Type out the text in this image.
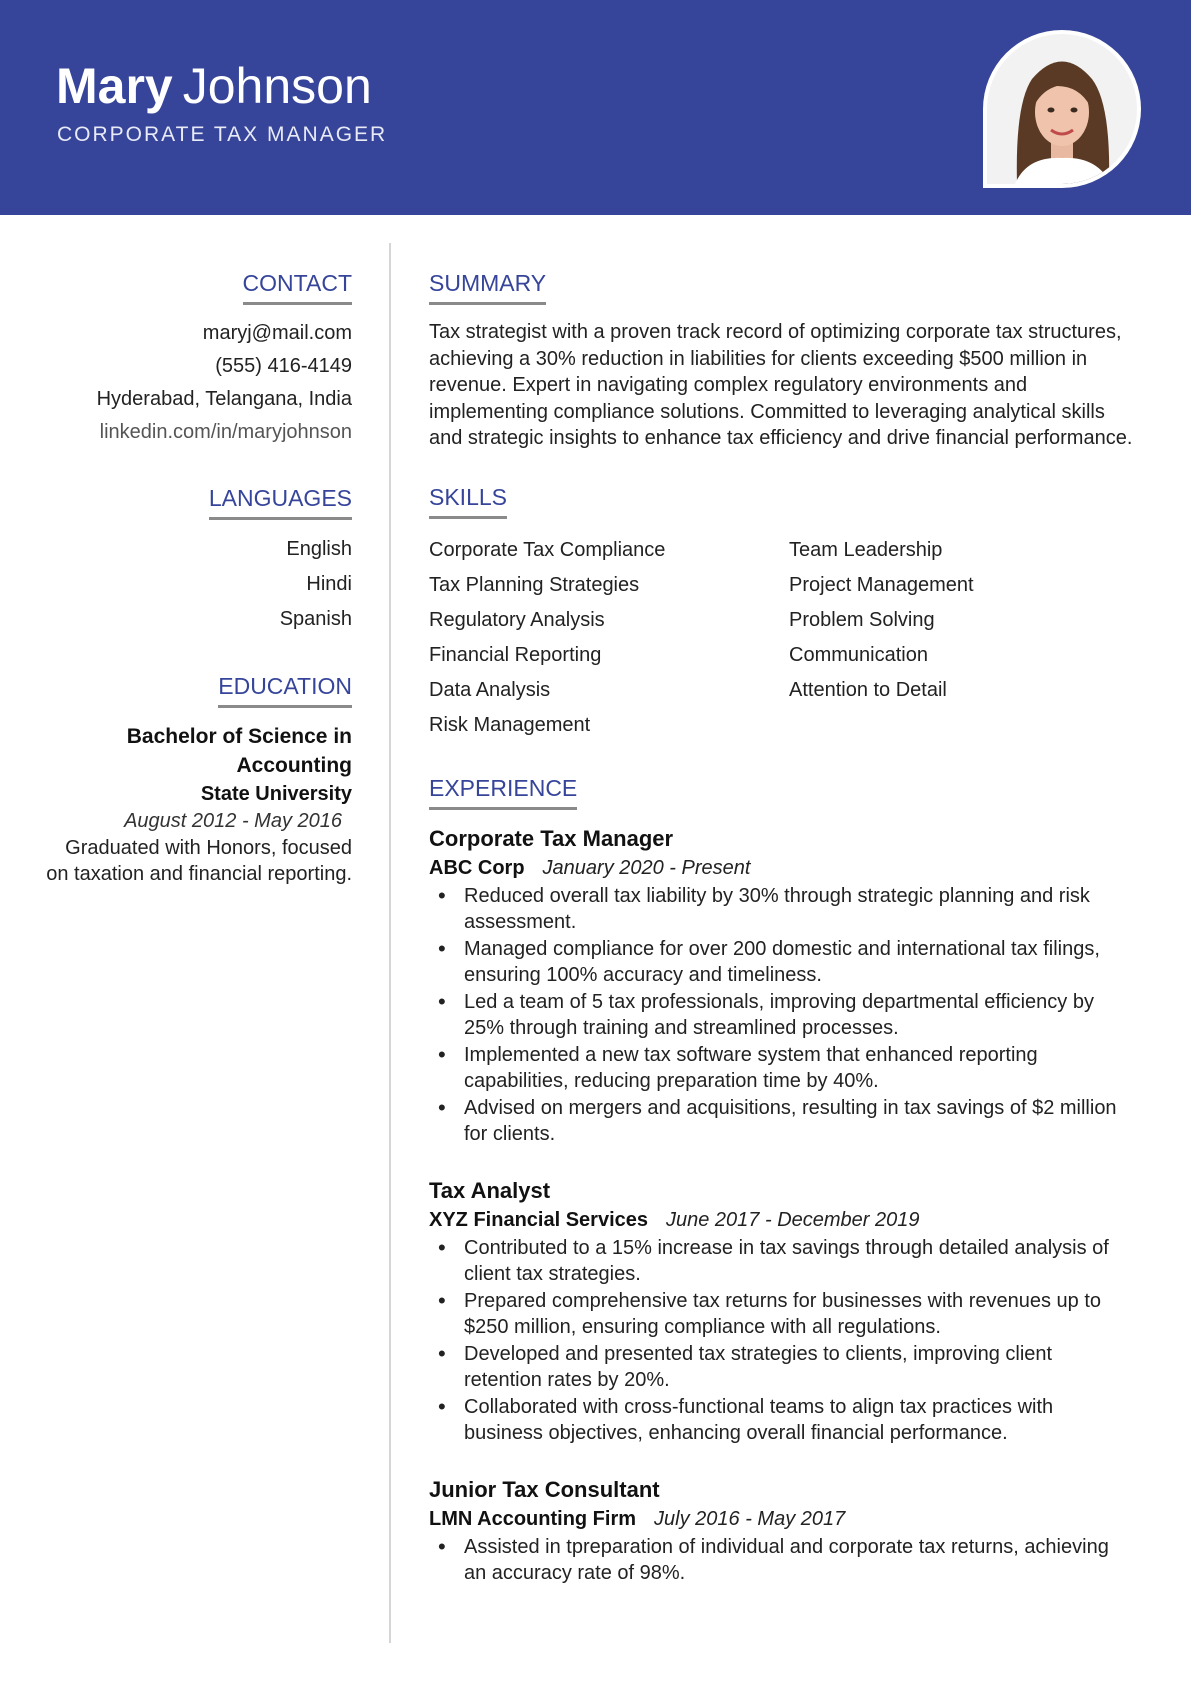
Mary Johnson
CORPORATE TAX MANAGER
CONTACT
maryj@mail.com
(555) 416-4149
Hyderabad, Telangana, India
linkedin.com/in/maryjohnson
LANGUAGES
English
Hindi
Spanish
EDUCATION
Bachelor of Science in Accounting
State University
August 2012 - May 2016
Graduated with Honors, focused on taxation and financial reporting.
SUMMARY
Tax strategist with a proven track record of optimizing corporate tax structures, achieving a 30% reduction in liabilities for clients exceeding $500 million in revenue. Expert in navigating complex regulatory environments and implementing compliance solutions. Committed to leveraging analytical skills and strategic insights to enhance tax efficiency and drive financial performance.
SKILLS
Corporate Tax Compliance
Tax Planning Strategies
Regulatory Analysis
Financial Reporting
Data Analysis
Risk Management
Team Leadership
Project Management
Problem Solving
Communication
Attention to Detail
EXPERIENCE
Corporate Tax Manager
ABC Corp January 2020 - Present
• Reduced overall tax liability by 30% through strategic planning and risk assessment.
• Managed compliance for over 200 domestic and international tax filings, ensuring 100% accuracy and timeliness.
• Led a team of 5 tax professionals, improving departmental efficiency by 25% through training and streamlined processes.
• Implemented a new tax software system that enhanced reporting capabilities, reducing preparation time by 40%.
• Advised on mergers and acquisitions, resulting in tax savings of $2 million for clients.
Tax Analyst
XYZ Financial Services June 2017 - December 2019
• Contributed to a 15% increase in tax savings through detailed analysis of client tax strategies.
• Prepared comprehensive tax returns for businesses with revenues up to $250 million, ensuring compliance with all regulations.
• Developed and presented tax strategies to clients, improving client retention rates by 20%.
• Collaborated with cross-functional teams to align tax practices with business objectives, enhancing overall financial performance.
Junior Tax Consultant
LMN Accounting Firm July 2016 - May 2017
• Assisted in tpreparation of individual and corporate tax returns, achieving an accuracy rate of 98%.
